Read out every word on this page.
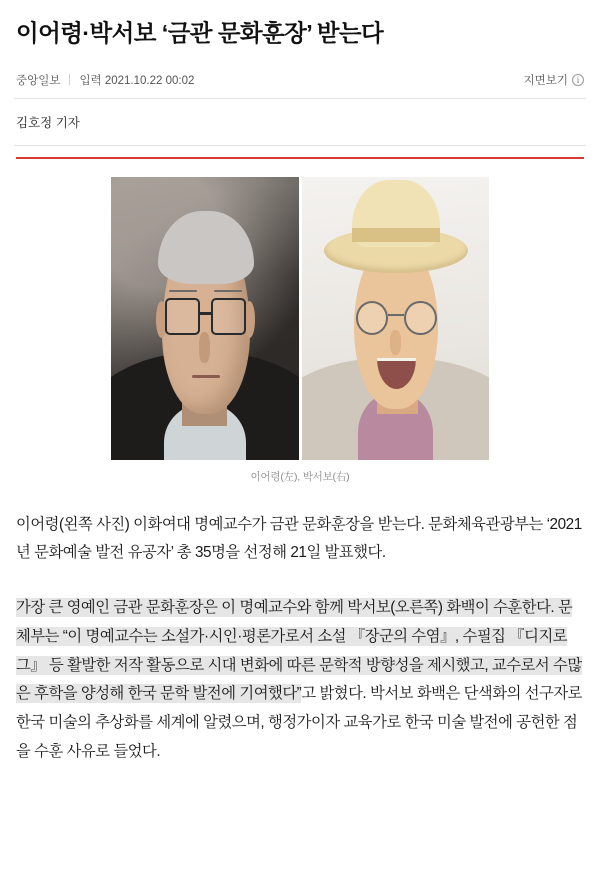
이어령·박서보 ‘금관 문화훈장’ 받는다
중앙일보 입력 2021.10.22 00:02	지면보기 i
김호정 기자
이어령(左), 박서보(右)

이어령(왼쪽 사진) 이화여대 명예교수가 금관 문화훈장을 받는다. 문화체육관광부는 ‘2021년 문화예술 발전 유공자’ 총 35명을 선정해 21일 발표했다.

가장 큰 영예인 금관 문화훈장은 이 명예교수와 함께 박서보(오른쪽) 화백이 수훈한다. 문체부는 “이 명예교수는 소설가·시인·평론가로서 소설 『장군의 수염』, 수필집 『디지로그』 등 활발한 저작 활동으로 시대 변화에 따른 문학적 방향성을 제시했고, 교수로서 수많은 후학을 양성해 한국 문학 발전에 기여했다”고 밝혔다. 박서보 화백은 단색화의 선구자로 한국 미술의 추상화를 세계에 알렸으며, 행정가이자 교육가로 한국 미술 발전에 공헌한 점을 수훈 사유로 들었다.
